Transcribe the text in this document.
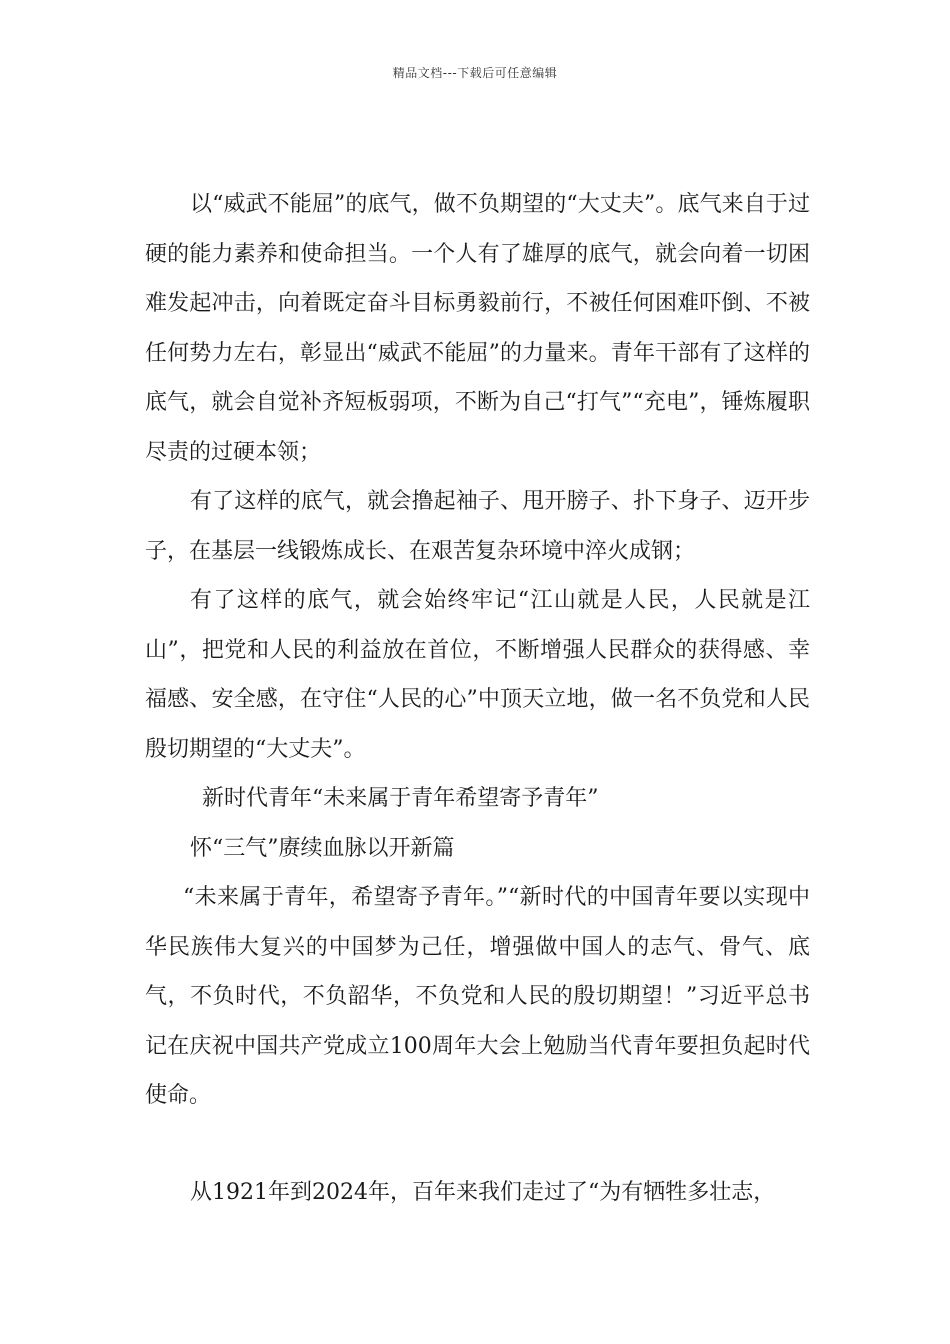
精品文档---下载后可任意编辑

以“威武不能屈”的底气，做不负期望的“大丈夫”。底气来自于过硬的能力素养和使命担当。一个人有了雄厚的底气，就会向着一切困难发起冲击，向着既定奋斗目标勇毅前行，不被任何困难吓倒、不被任何势力左右，彰显出“威武不能屈”的力量来。青年干部有了这样的底气，就会自觉补齐短板弱项，不断为自己“打气”“充电”，锤炼履职尽责的过硬本领；

有了这样的底气，就会撸起袖子、甩开膀子、扑下身子、迈开步子，在基层一线锻炼成长、在艰苦复杂环境中淬火成钢；

有了这样的底气，就会始终牢记“江山就是人民，人民就是江山”，把党和人民的利益放在首位，不断增强人民群众的获得感、幸福感、安全感，在守住“人民的心”中顶天立地，做一名不负党和人民殷切期望的“大丈夫”。

新时代青年“未来属于青年希望寄予青年”

怀“三气”赓续血脉以开新篇

“未来属于青年，希望寄予青年。”“新时代的中国青年要以实现中华民族伟大复兴的中国梦为己任，增强做中国人的志气、骨气、底气，不负时代，不负韶华，不负党和人民的殷切期望！”习近平总书记在庆祝中国共产党成立100周年大会上勉励当代青年要担负起时代使命。

从1921年到2024年，百年来我们走过了“为有牺牲多壮志，
